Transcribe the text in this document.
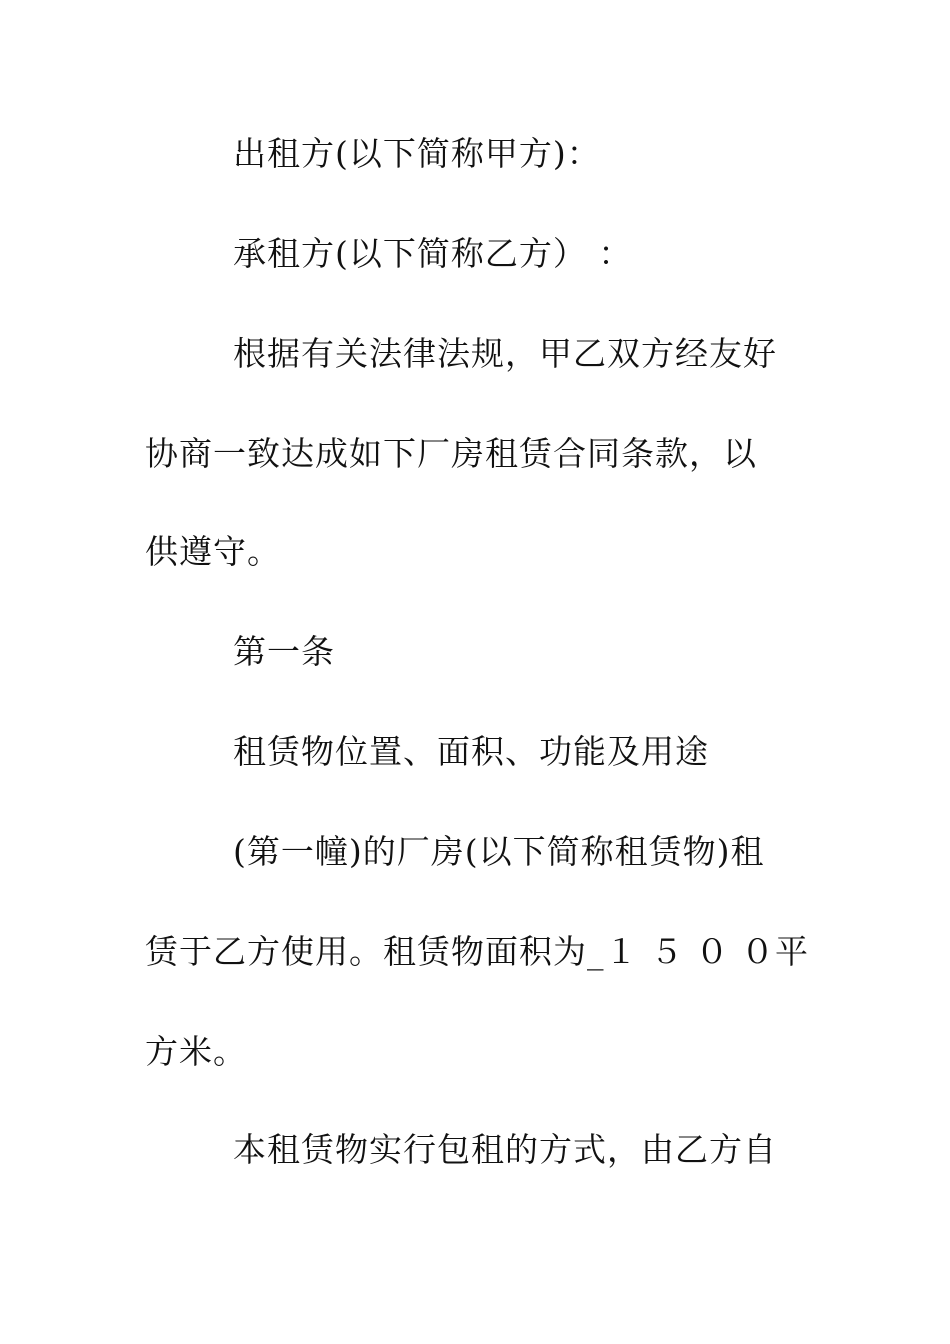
出租方(以下简称甲方)：
承租方(以下简称乙方） ：
根据有关法律法规，甲乙双方经友好
协商一致达成如下厂房租赁合同条款，以
供遵守。
第一条
租赁物位置、面积、功能及用途
(第一幢)的厂房(以下简称租赁物)租
赁于乙方使用。租赁物面积为_１ ５ ０ ０平
方米。
本租赁物实行包租的方式，由乙方自
